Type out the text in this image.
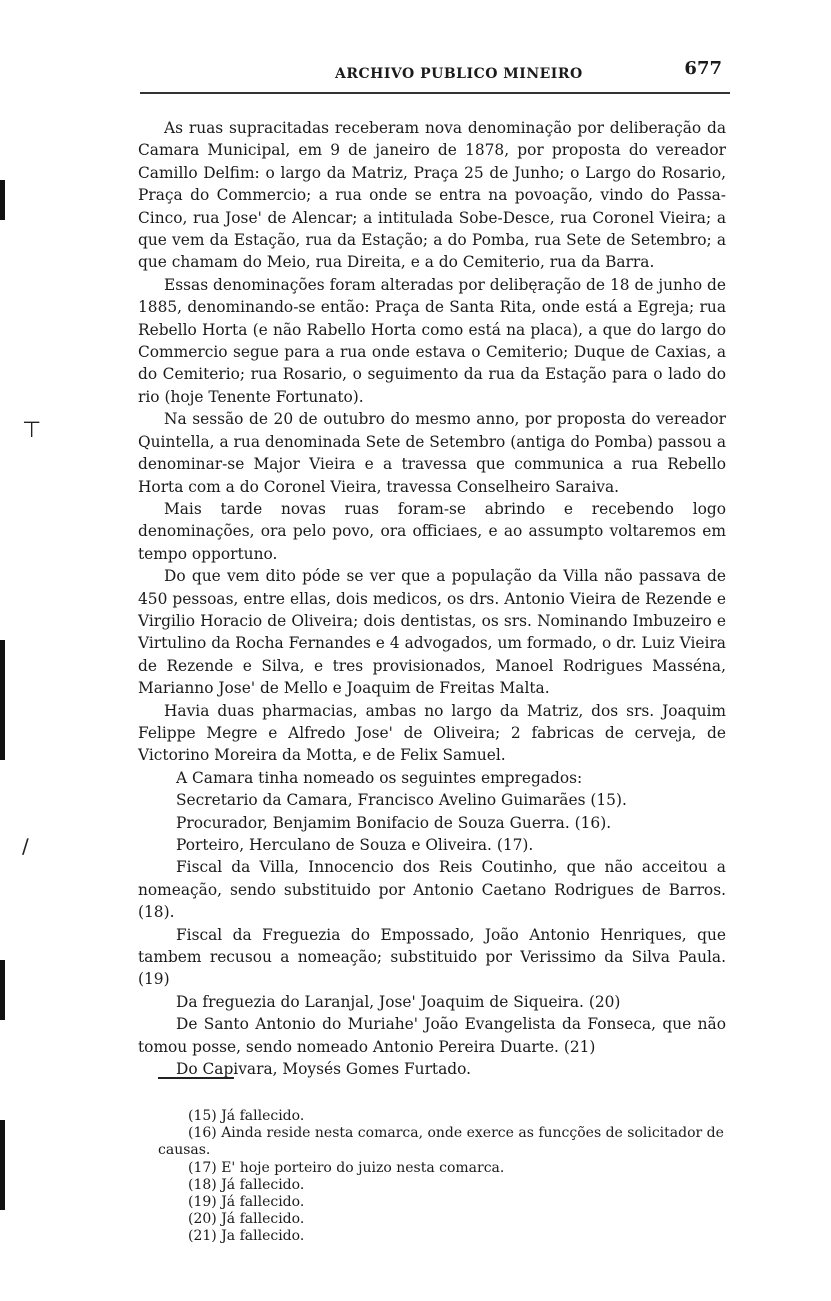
⊤
∕
ARCHIVO PUBLICO MINEIRO	677

As ruas supracitadas receberam nova denominação por deliberação da Camara Municipal, em 9 de janeiro de 1878, por proposta do vereador Camillo Delfim: o largo da Matriz, Praça 25 de Junho; o Largo do Rosario, Praça do Commercio; a rua onde se entra na povoação, vindo do Passa-Cinco, rua Jose' de Alencar; a intitulada Sobe-Desce, rua Coronel Vieira; a que vem da Estação, rua da Estação; a do Pomba, rua Sete de Setembro; a que chamam do Meio, rua Direita, e a do Cemiterio, rua da Barra.

Essas denominações foram alteradas por delibęração de 18 de junho de 1885, denominando-se então: Praça de Santa Rita, onde está a Egreja; rua Rebello Horta (e não Rabello Horta como está na placa), a que do largo do Commercio segue para a rua onde estava o Cemiterio; Duque de Caxias, a do Cemiterio; rua Rosario, o seguimento da rua da Estação para o lado do rio (hoje Tenente Fortunato).

Na sessão de 20 de outubro do mesmo anno, por proposta do vereador Quintella, a rua denominada Sete de Setembro (antiga do Pomba) passou a denominar-se Major Vieira e a travessa que communica a rua Rebello Horta com a do Coronel Vieira, travessa Conselheiro Saraiva.

Mais tarde novas ruas foram-se abrindo e recebendo logo denominações, ora pelo povo, ora officiaes, e ao assumpto voltaremos em tempo opportuno.

Do que vem dito póde se ver que a população da Villa não passava de 450 pessoas, entre ellas, dois medicos, os drs. Antonio Vieira de Rezende e Virgilio Horacio de Oliveira; dois dentistas, os srs. Nominando Imbuzeiro e Virtulino da Rocha Fernandes e 4 advogados, um formado, o dr. Luiz Vieira de Rezende e Silva, e tres provisionados, Manoel Rodrigues Masséna, Marianno Jose' de Mello e Joaquim de Freitas Malta.

Havia duas pharmacias, ambas no largo da Matriz, dos srs. Joaquim Felippe Megre e Alfredo Jose' de Oliveira; 2 fabricas de cerveja, de Victorino Moreira da Motta, e de Felix Samuel.

A Camara tinha nomeado os seguintes empregados:

Secretario da Camara, Francisco Avelino Guimarães (15).

Procurador, Benjamim Bonifacio de Souza Guerra. (16).

Porteiro, Herculano de Souza e Oliveira. (17).

Fiscal da Villa, Innocencio dos Reis Coutinho, que não acceitou a nomeação, sendo substituido por Antonio Caetano Rodrigues de Barros. (18).

Fiscal da Freguezia do Empossado, João Antonio Henriques, que tambem recusou a nomeação; substituido por Verissimo da Silva Paula. (19)

Da freguezia do Laranjal, Jose' Joaquim de Siqueira. (20)

De Santo Antonio do Muriahe' João Evangelista da Fonseca, que não tomou posse, sendo nomeado Antonio Pereira Duarte. (21)

Do Capivara, Moysés Gomes Furtado.

(15) Já fallecido.

(16) Ainda reside nesta comarca, onde exerce as funcções de solicitador de causas.

(17) E' hoje porteiro do juizo nesta comarca.

(18) Já fallecido.

(19) Já fallecido.

(20) Já fallecido.

(21) Ja fallecido.
